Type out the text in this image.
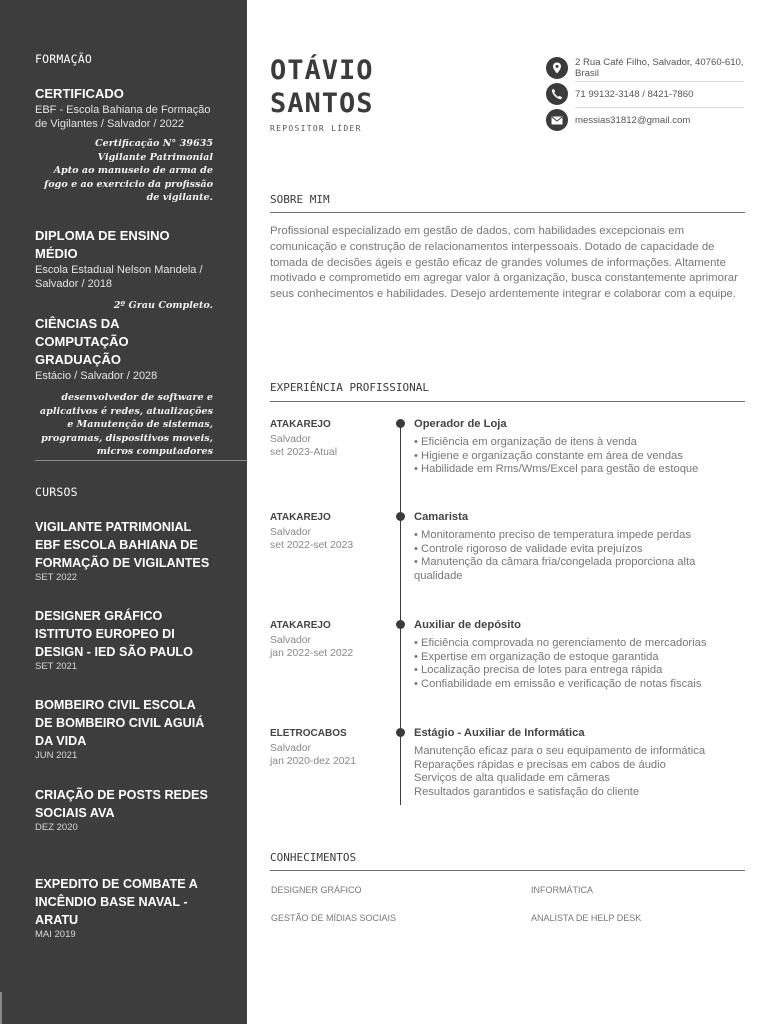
FORMAÇÃO
CERTIFICADO
EBF - Escola Bahiana de Formação de Vigilantes / Salvador / 2022
Certificação N° 39635
Vigilante Patrimonial
Apto ao manuseio de arma de
fogo e ao exercicio da profissão
de vigilante.
DIPLOMA DE ENSINO MÉDIO
Escola Estadual Nelson Mandela / Salvador / 2018
2º Grau Completo.
CIÊNCIAS DA COMPUTAÇÃO GRADUAÇÃO
Estácio / Salvador / 2028
desenvolvedor de software e
aplicativos é redes, atualizações
e Manutenção de sistemas,
programas, dispositivos moveis,
micros computadores
CURSOS
VIGILANTE PATRIMONIAL EBF ESCOLA BAHIANA DE FORMAÇÃO DE VIGILANTES
SET 2022
DESIGNER GRÁFICO ISTITUTO EUROPEO DI DESIGN - IED SÃO PAULO
SET 2021
BOMBEIRO CIVIL ESCOLA DE BOMBEIRO CIVIL AGUIÁ DA VIDA
JUN 2021
CRIAÇÃO DE POSTS REDES SOCIAIS AVA
DEZ 2020
EXPEDITO DE COMBATE A INCÊNDIO BASE NAVAL - ARATU
MAI 2019
OTÁVIO
SANTOS
REPOSITOR LÍDER
2 Rua Café Filho, Salvador, 40760-610, Brasil
71 99132-3148 / 8421-7860
messias31812@gmail.com
SOBRE MIM

Profissional especializado em gestão de dados, com habilidades excepcionais em comunicação e construção de relacionamentos interpessoais. Dotado de capacidade de tomada de decisões ágeis e gestão eficaz de grandes volumes de informações. Altamente motivado e comprometido em agregar valor à organização, busca constantemente aprimorar seus conhecimentos e habilidades. Desejo ardentemente integrar e colaborar com a equipe.

EXPERIÊNCIA PROFISSIONAL
ATAKAREJO
Salvador
set 2023-Atual
Operador de Loja
• Eficiência em organização de itens à venda
• Higiene e organização constante em área de vendas
• Habilidade em Rms/Wms/Excel para gestão de estoque
ATAKAREJO
Salvador
set 2022-set 2023
Camarista
• Monitoramento preciso de temperatura impede perdas
• Controle rigoroso de validade evita prejuízos
• Manutenção da câmara fria/congelada proporciona alta qualidade
ATAKAREJO
Salvador
jan 2022-set 2022
Auxiliar de depósito
• Eficiência comprovada no gerenciamento de mercadorias
• Expertise em organização de estoque garantida
• Localização precisa de lotes para entrega rápida
• Confiabilidade em emissão e verificação de notas fiscais
ELETROCABOS
Salvador
jan 2020-dez 2021
Estágio - Auxiliar de Informática
Manutenção eficaz para o seu equipamento de informática
Reparações rápidas e precisas em cabos de áudio
Serviços de alta qualidade em câmeras
Resultados garantidos e satisfação do cliente
CONHECIMENTOS
DESIGNER GRÁFICO	INFORMÁTICA
GESTÃO DE MÍDIAS SOCIAIS	ANALISTA DE HELP DESK
